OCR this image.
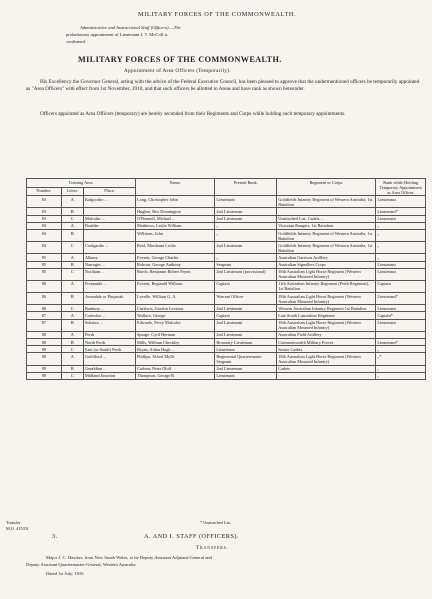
MILITARY FORCES OF THE COMMONWEALTH.
Administrative and Instructional Staff (Officers).—The
probationary appointment of Lieutenant J. T. McColl is
confirmed.
MILITARY FORCES OF THE COMMONWEALTH.
Appointment of Area Officers (Temporarily).
His Excellency the Governor General, acting with the advice of the Federal Executive Council, has been pleased to approve that the undermentioned officers be temporarily appointed as "Area Officers" with effect from 1st November, 1910, and that such officers be allotted to Areas and have rank as shown hereunder.
Officers appointed as Area Officers (temporary) are hereby seconded from their Regiments and Corps while holding such temporary appointments.
Training Area.			Name.	Present Rank.	Regiment or Corps.	Rank while Holding Temporary Appointment as Area Officer.
Number.	Letter.	Place.				
83	A	Kalgoorlie ...	Long, Christopher John	Lieutenant	Goldfields Infantry Regiment of Western Australia, 1st Battalion	Lieutenant
83	B		Hughes, Rex Donnington	2nd Lieutenant		Lieutenant*
83	C	Malcolm ...	O'Donnell, Michael ...	2nd Lieutenant	Unattached List, Cadets ...	Lieutenant
84	A	Boulder	Matthews, Leslie William	„	Victorian Rangers, 1st Battalion	„
84	B		Williams, John	„	Goldfields Infantry Regiment of Western Australia, 1st Battalion	„
84	C	Coolgardie ...	Reid, Mordaunt Leslie	2nd Lieutenant	Goldfields Infantry Regiment of Western Australia, 1st Battalion	„
85	A	Albany	Everett, George Charles	„	Australian Garrison Artillery	„
85	B	Narrogin ...	Robson, George Anthony	Sergeant	Australian Signallers Corps	Lieutenant
85	C	Northam ...	Burch, Benjamin Robert Prynn	2nd Lieutenant (provisional)	18th Australian Light Horse Regiment (Western Australian Mounted Infantry)	Lieutenant
86	A	Fremantle ...	Everett, Reginald William	Captain	11th Australian Infantry Regiment (Perth Regiment), 1st Battalion	Captain
86	B	Armadale or Pinjarrah	Lovelle, William G. A.	Warrant Officer	18th Australian Light Horse Regiment (Western Australian Mounted Infantry)	Lieutenant*
86	C	Bunbury ...	Curlewis, Gordon Levason	2nd Lieutenant	Western Australian Infantry Regiment 1st Battalion	Lieutenant
87	A	Cottesloe ...	Wallace, George	Captain	Late South Lancashire Regiment	Captain*
87	B	Subiaco ...	Edwards, Percy Malcolm	2nd Lieutenant	18th Australian Light Horse Regiment (Western Australian Mounted Infantry)	Lieutenant
88	A	Perth	Spurge, Cyril Herman	2nd Lieutenant	Australian Field Artillery	
88	B	North Perth	Mills, William Checkley	Honorary Lieutenant	Commonwealth Military Forces	Lieutenant*
88	C	East (or South) Perth	Bryan, Aidan Hugh ...	Lieutenant	Senior Cadets	„
89	A	Guildford ...	Phillips, Alfred Mylls	Regimental Quartermaster Sergeant	18th Australian Light Horse Regiment (Western Australian Mounted Infantry)	„*
89	B	Geraldton ...	Carlsen, Peter Oloff	2nd Lieutenant	Cadets	„
89	C	Midland Junction	Thompson, George R.	Lieutenant		„
* Unattached List.
Transfer
M.O. 415/10.
3.	A. AND I. STAFF (OFFICERS).
Transfers.
Major J. C. Hawker, from New South Wales, to be Deputy Assistant Adjutant-General and
Deputy Assistant Quartermaster-General, Western Australia.
Dated 1st July, 1910.
